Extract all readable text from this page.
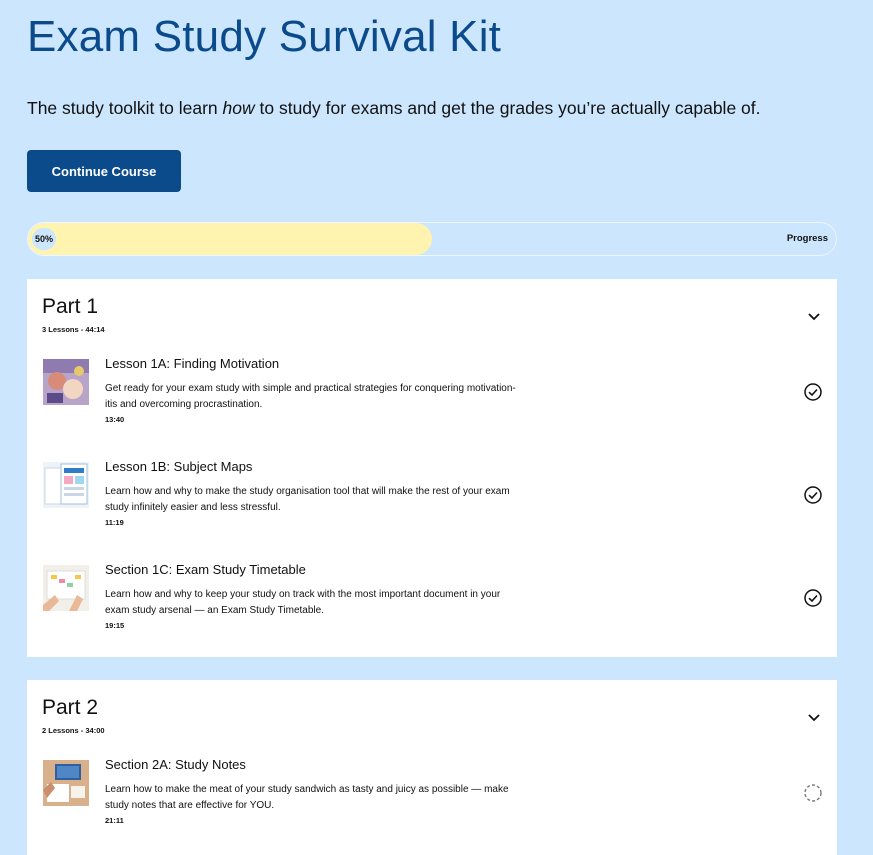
Exam Study Survival Kit

The study toolkit to learn how to study for exams and get the grades you’re actually capable of.

Continue Course
50%	Progress
Part 1
3 Lessons - 44:14
Lesson 1A: Finding Motivation
Get ready for your exam study with simple and practical strategies for conquering motivation-itis and overcoming procrastination.
13:40
Lesson 1B: Subject Maps
Learn how and why to make the study organisation tool that will make the rest of your exam study infinitely easier and less stressful.
11:19
Section 1C: Exam Study Timetable
Learn how and why to keep your study on track with the most important document in your exam study arsenal — an Exam Study Timetable.
19:15
Part 2
2 Lessons - 34:00
Section 2A: Study Notes
Learn how to make the meat of your study sandwich as tasty and juicy as possible — make study notes that are effective for YOU.
21:11
